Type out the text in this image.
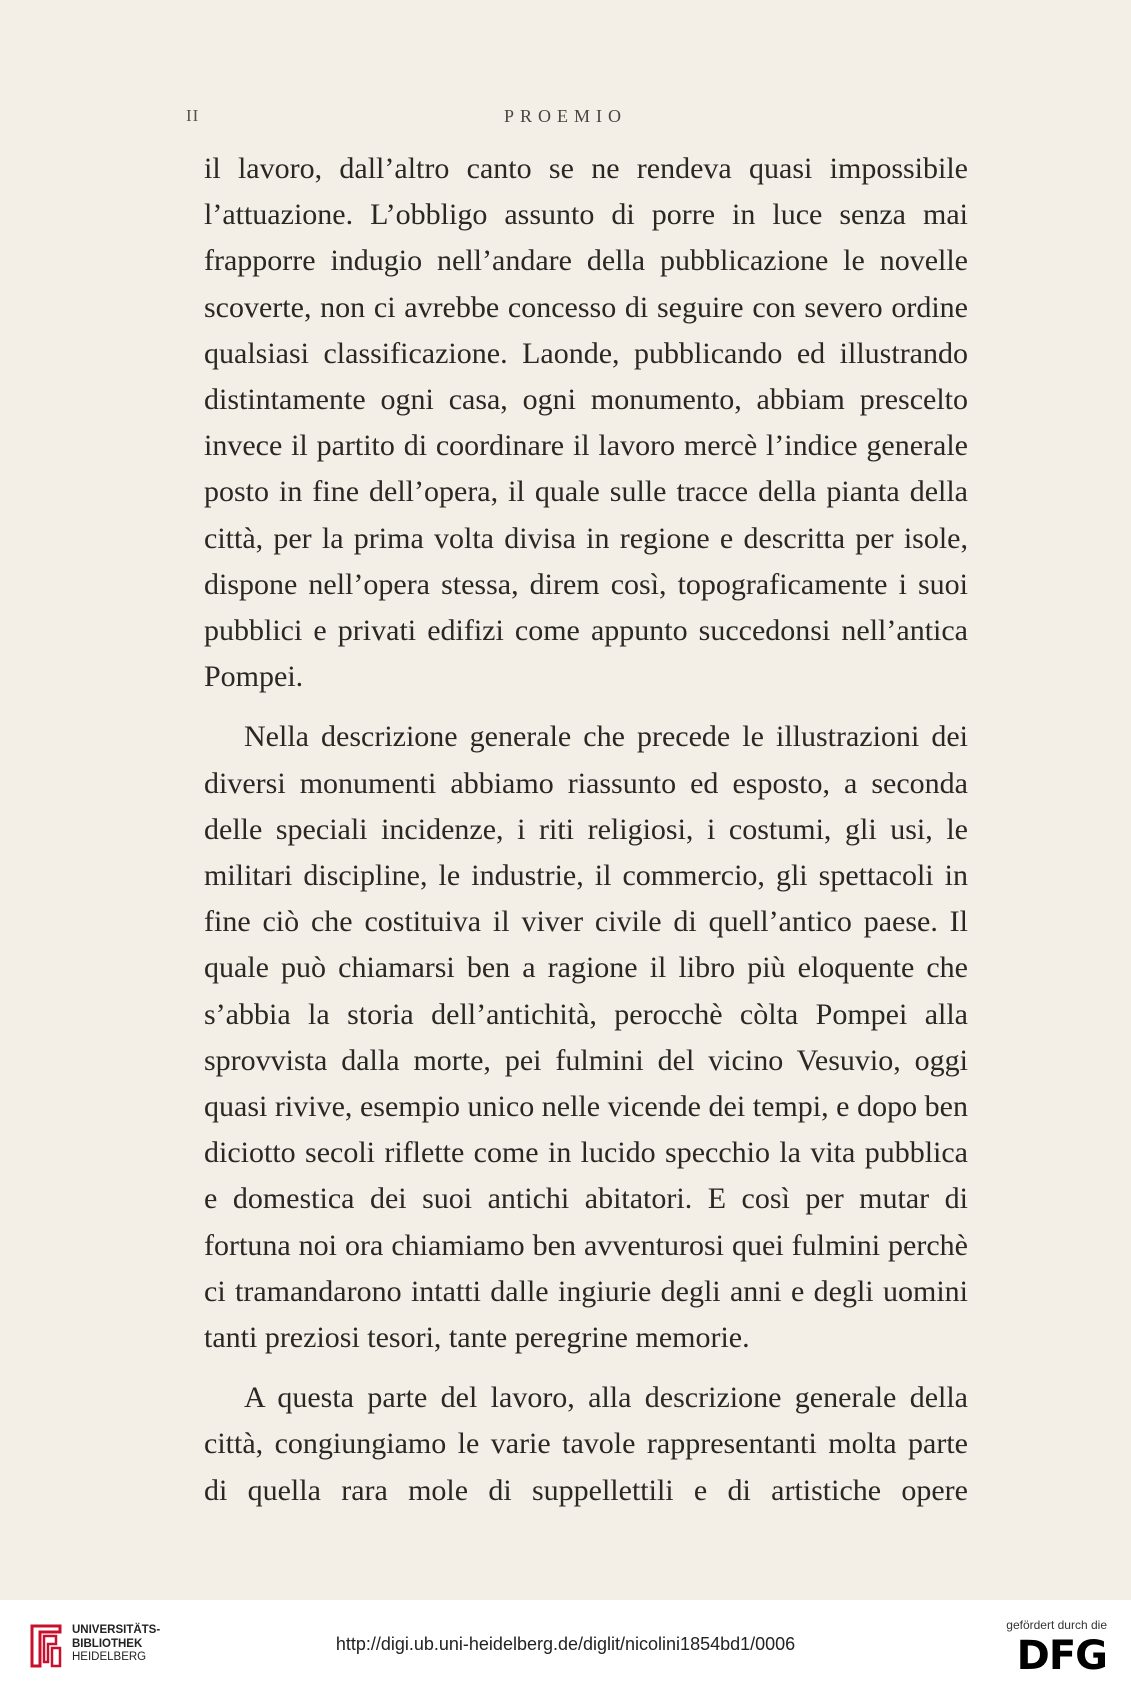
II	PROEMIO

il lavoro, dall’altro canto se ne rendeva quasi impossibile l’attuazione. L’obbligo assunto di porre in luce senza mai frapporre indugio nell’andare della pubblicazione le novelle scoverte, non ci avrebbe concesso di seguire con severo ordine qualsiasi classificazione. Laonde, pubblicando ed illustrando distintamente ogni casa, ogni monumento, abbiam prescelto invece il partito di coordinare il lavoro mercè l’indice generale posto in fine dell’opera, il quale sulle tracce della pianta della città, per la prima volta divisa in regione e descritta per isole, dispone nell’opera stessa, direm così, topograficamente i suoi pubblici e privati edifizi come appunto succedonsi nell’antica Pompei.

Nella descrizione generale che precede le illustrazioni dei diversi monumenti abbiamo riassunto ed esposto, a seconda delle speciali incidenze, i riti religiosi, i costumi, gli usi, le militari discipline, le industrie, il commercio, gli spettacoli in fine ciò che costituiva il viver civile di quell’antico paese. Il quale può chiamarsi ben a ragione il libro più eloquente che s’abbia la storia dell’antichità, perocchè còlta Pompei alla sprovvista dalla morte, pei fulmini del vicino Vesuvio, oggi quasi rivive, esempio unico nelle vicende dei tempi, e dopo ben diciotto secoli riflette come in lucido specchio la vita pubblica e domestica dei suoi antichi abitatori. E così per mutar di fortuna noi ora chiamiamo ben avventurosi quei fulmini perchè ci tramandarono intatti dalle ingiurie degli anni e degli uomini tanti preziosi tesori, tante peregrine memorie.

A questa parte del lavoro, alla descrizione generale della città, congiungiamo le varie tavole rappresentanti molta parte di quella rara mole di suppellettili e di artistiche opere

UNIVERSITÄTS-
BIBLIOTHEK
HEIDELBERG
http://digi.ub.uni-heidelberg.de/diglit/nicolini1854bd1/0006
gefördert durch die
DFG
